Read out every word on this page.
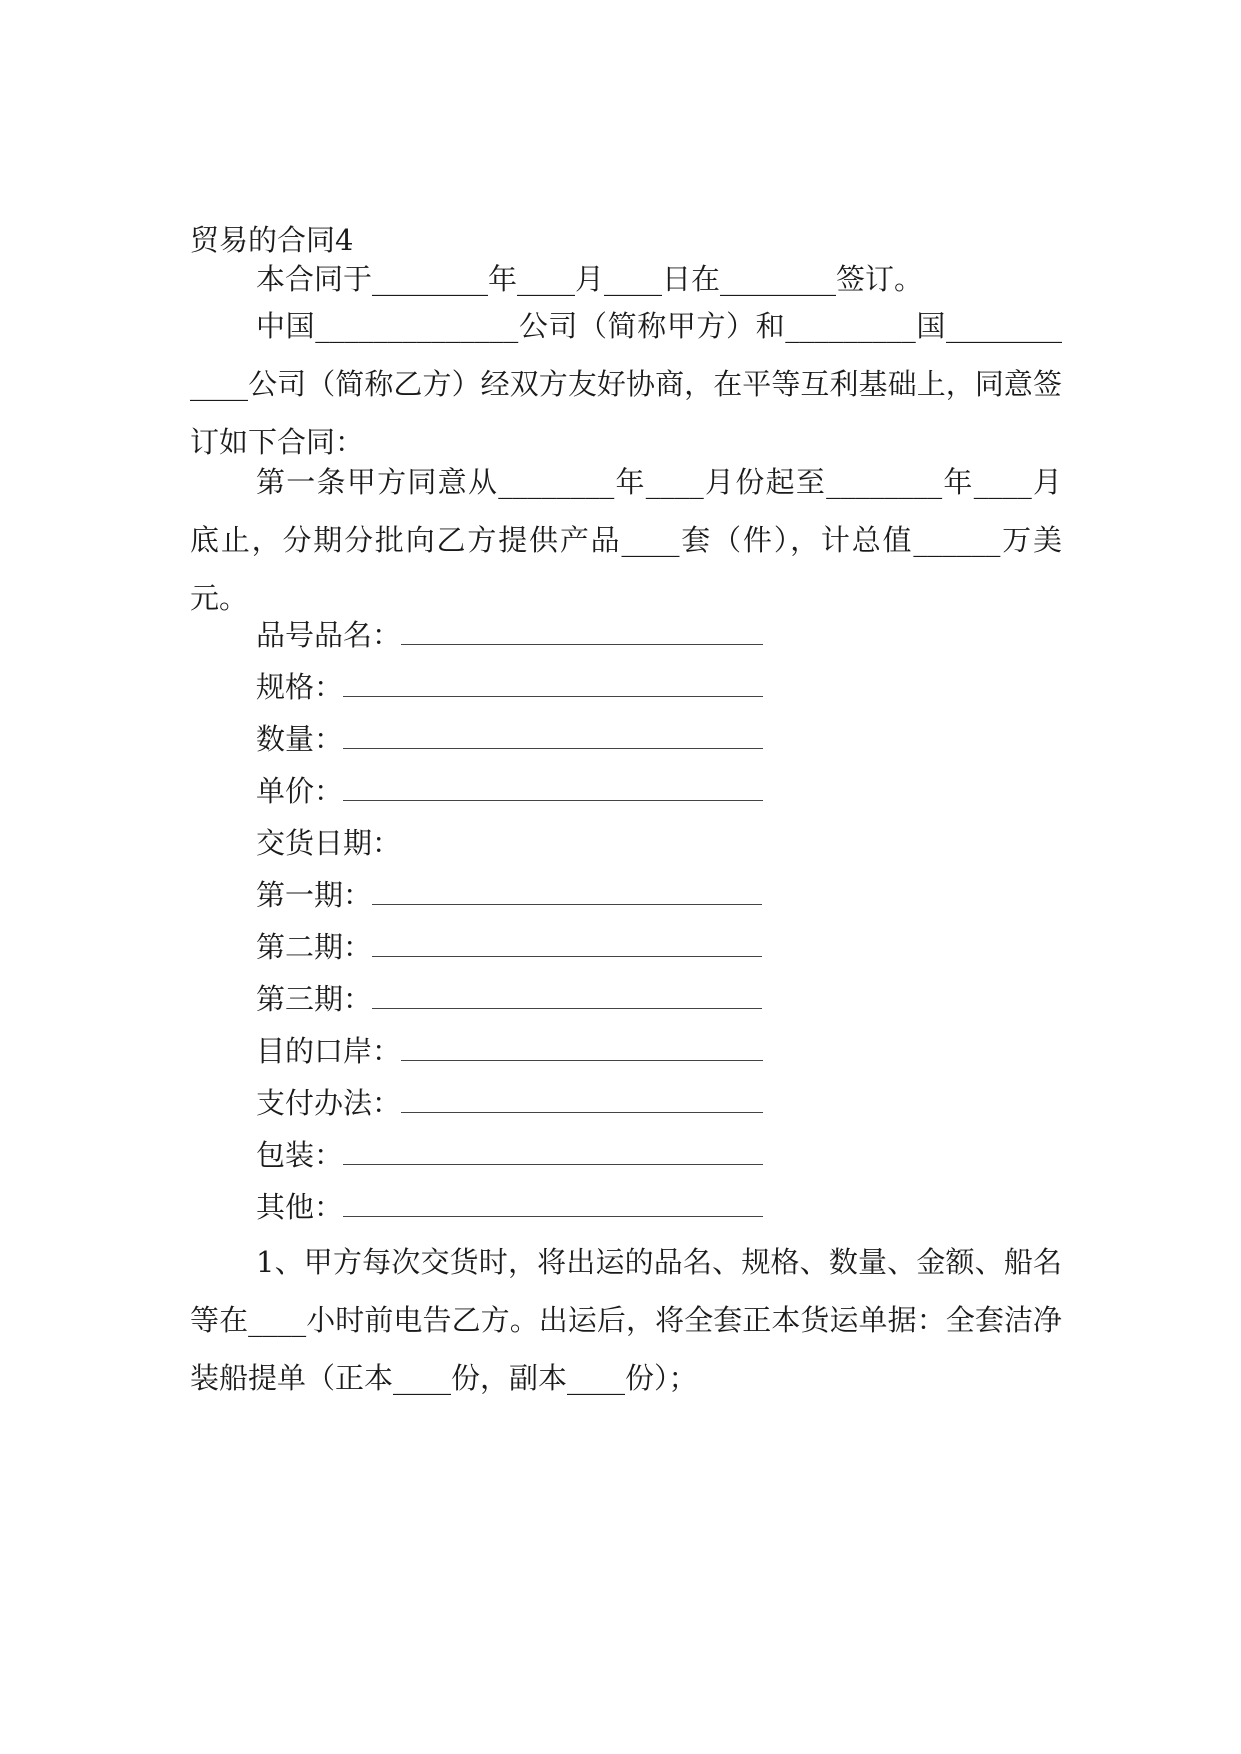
贸易的合同4

本合同于________年____月____日在________签订。

中国______________公司（简称甲方）和_________国____________公司（简称乙方）经双方友好协商，在平等互利基础上，同意签订如下合同：

第一条甲方同意从________年____月份起至________年____月底止，分期分批向乙方提供产品____套（件），计总值______万美元。

品号品名：

规格：

数量：

单价：

交货日期：

第一期：

第二期：

第三期：

目的口岸：

支付办法：

包装：

其他：

1、甲方每次交货时，将出运的品名、规格、数量、金额、船名等在____小时前电告乙方。出运后，将全套正本货运单据：全套洁净装船提单（正本____份，副本____份）；
